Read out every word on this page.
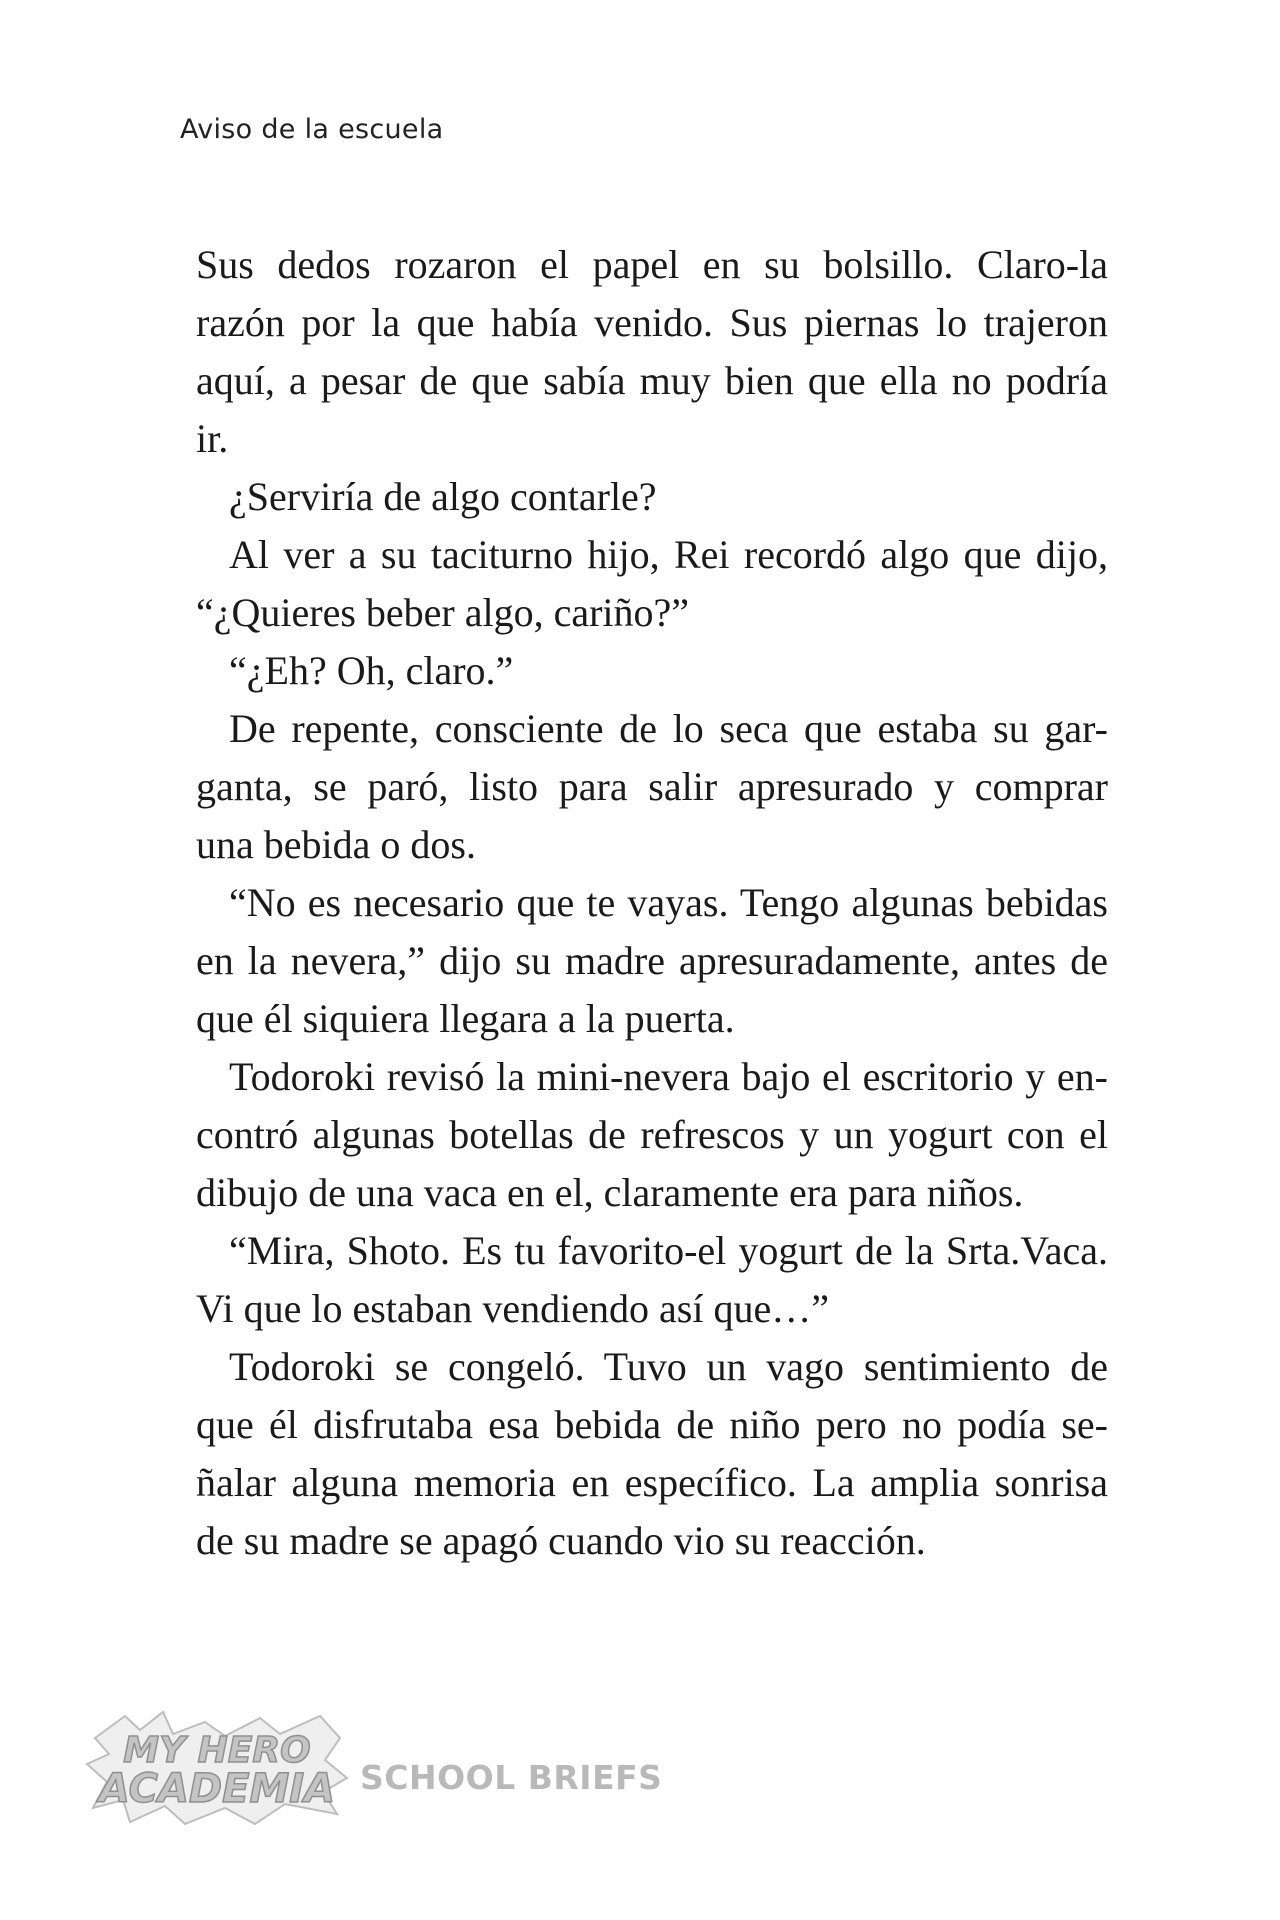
Aviso de la escuela
Sus dedos rozaron el papel en su bolsillo. Claro-la
razón por la que había venido. Sus piernas lo trajeron
aquí, a pesar de que sabía muy bien que ella no podría
ir.
¿Serviría de algo contarle?
Al ver a su taciturno hijo, Rei recordó algo que dijo,
“¿Quieres beber algo, cariño?”
“¿Eh? Oh, claro.”
De repente, consciente de lo seca que estaba su gar-
ganta, se paró, listo para salir apresurado y comprar
una bebida o dos.
“No es necesario que te vayas. Tengo algunas bebidas
en la nevera,” dijo su madre apresuradamente, antes de
que él siquiera llegara a la puerta.
Todoroki revisó la mini-nevera bajo el escritorio y en-
contró algunas botellas de refrescos y un yogurt con el
dibujo de una vaca en el, claramente era para niños.
“Mira, Shoto. Es tu favorito-el yogurt de la Srta.Vaca.
Vi que lo estaban vendiendo así que…”
Todoroki se congeló. Tuvo un vago sentimiento de
que él disfrutaba esa bebida de niño pero no podía se-
ñalar alguna memoria en específico. La amplia sonrisa
de su madre se apagó cuando vio su reacción.
MY HERO
ACADEMIA SCHOOL BRIEFS
